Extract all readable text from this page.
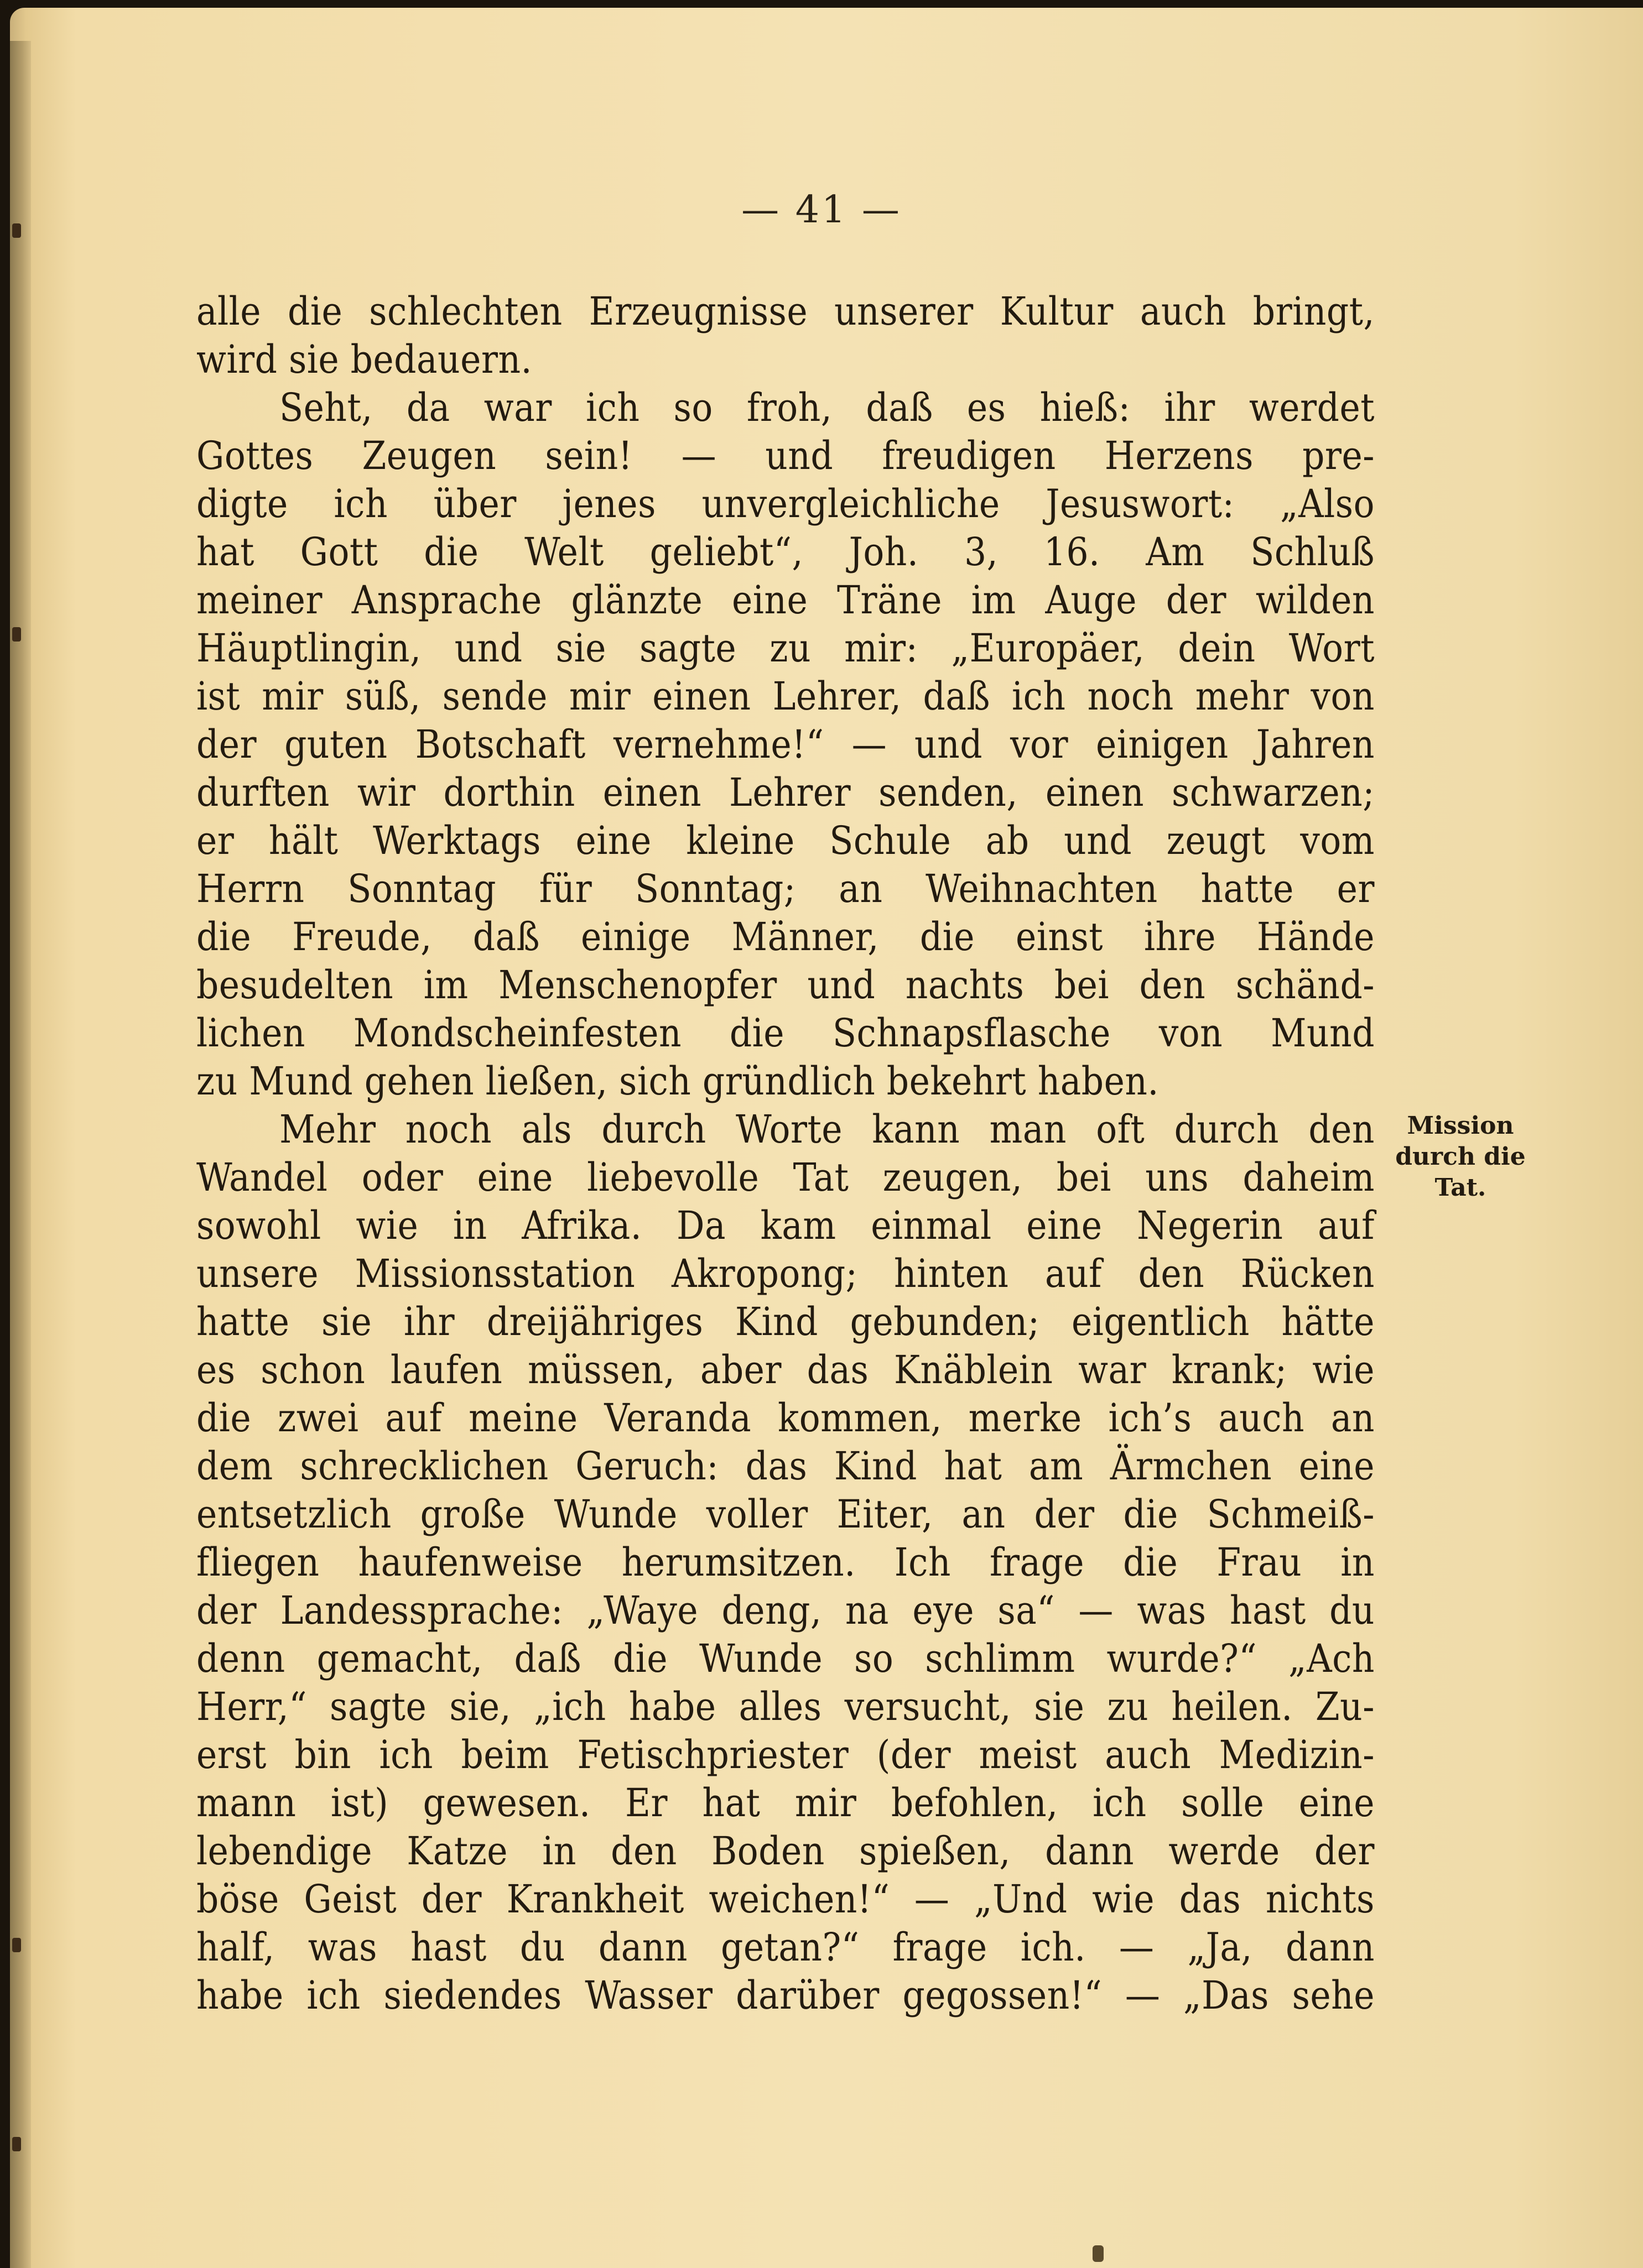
— 41 —
alle die schlechten Erzeugnisse unserer Kultur auch bringt,
wird sie bedauern.
Seht, da war ich so froh, daß es hieß: ihr werdet
Gottes Zeugen sein! — und freudigen Herzens pre-
digte ich über jenes unvergleichliche Jesuswort: „Also
hat Gott die Welt geliebt“, Joh. 3, 16. Am Schluß
meiner Ansprache glänzte eine Träne im Auge der wilden
Häuptlingin, und sie sagte zu mir: „Europäer, dein Wort
ist mir süß, sende mir einen Lehrer, daß ich noch mehr von
der guten Botschaft vernehme!“ — und vor einigen Jahren
durften wir dorthin einen Lehrer senden, einen schwarzen;
er hält Werktags eine kleine Schule ab und zeugt vom
Herrn Sonntag für Sonntag; an Weihnachten hatte er
die Freude, daß einige Männer, die einst ihre Hände
besudelten im Menschenopfer und nachts bei den schänd-
lichen Mondscheinfesten die Schnapsflasche von Mund
zu Mund gehen ließen, sich gründlich bekehrt haben.
Mehr noch als durch Worte kann man oft durch den
Wandel oder eine liebevolle Tat zeugen, bei uns daheim
sowohl wie in Afrika. Da kam einmal eine Negerin auf
unsere Missionsstation Akropong; hinten auf den Rücken
hatte sie ihr dreijähriges Kind gebunden; eigentlich hätte
es schon laufen müssen, aber das Knäblein war krank; wie
die zwei auf meine Veranda kommen, merke ich’s auch an
dem schrecklichen Geruch: das Kind hat am Ärmchen eine
entsetzlich große Wunde voller Eiter, an der die Schmeiß-
fliegen haufenweise herumsitzen. Ich frage die Frau in
der Landessprache: „Waye deng, na eye sa“ — was hast du
denn gemacht, daß die Wunde so schlimm wurde?“ „Ach
Herr,“ sagte sie, „ich habe alles versucht, sie zu heilen. Zu-
erst bin ich beim Fetischpriester (der meist auch Medizin-
mann ist) gewesen. Er hat mir befohlen, ich solle eine
lebendige Katze in den Boden spießen, dann werde der
böse Geist der Krankheit weichen!“ — „Und wie das nichts
half, was hast du dann getan?“ frage ich. — „Ja, dann
habe ich siedendes Wasser darüber gegossen!“ — „Das sehe
Mission
durch die
Tat.
